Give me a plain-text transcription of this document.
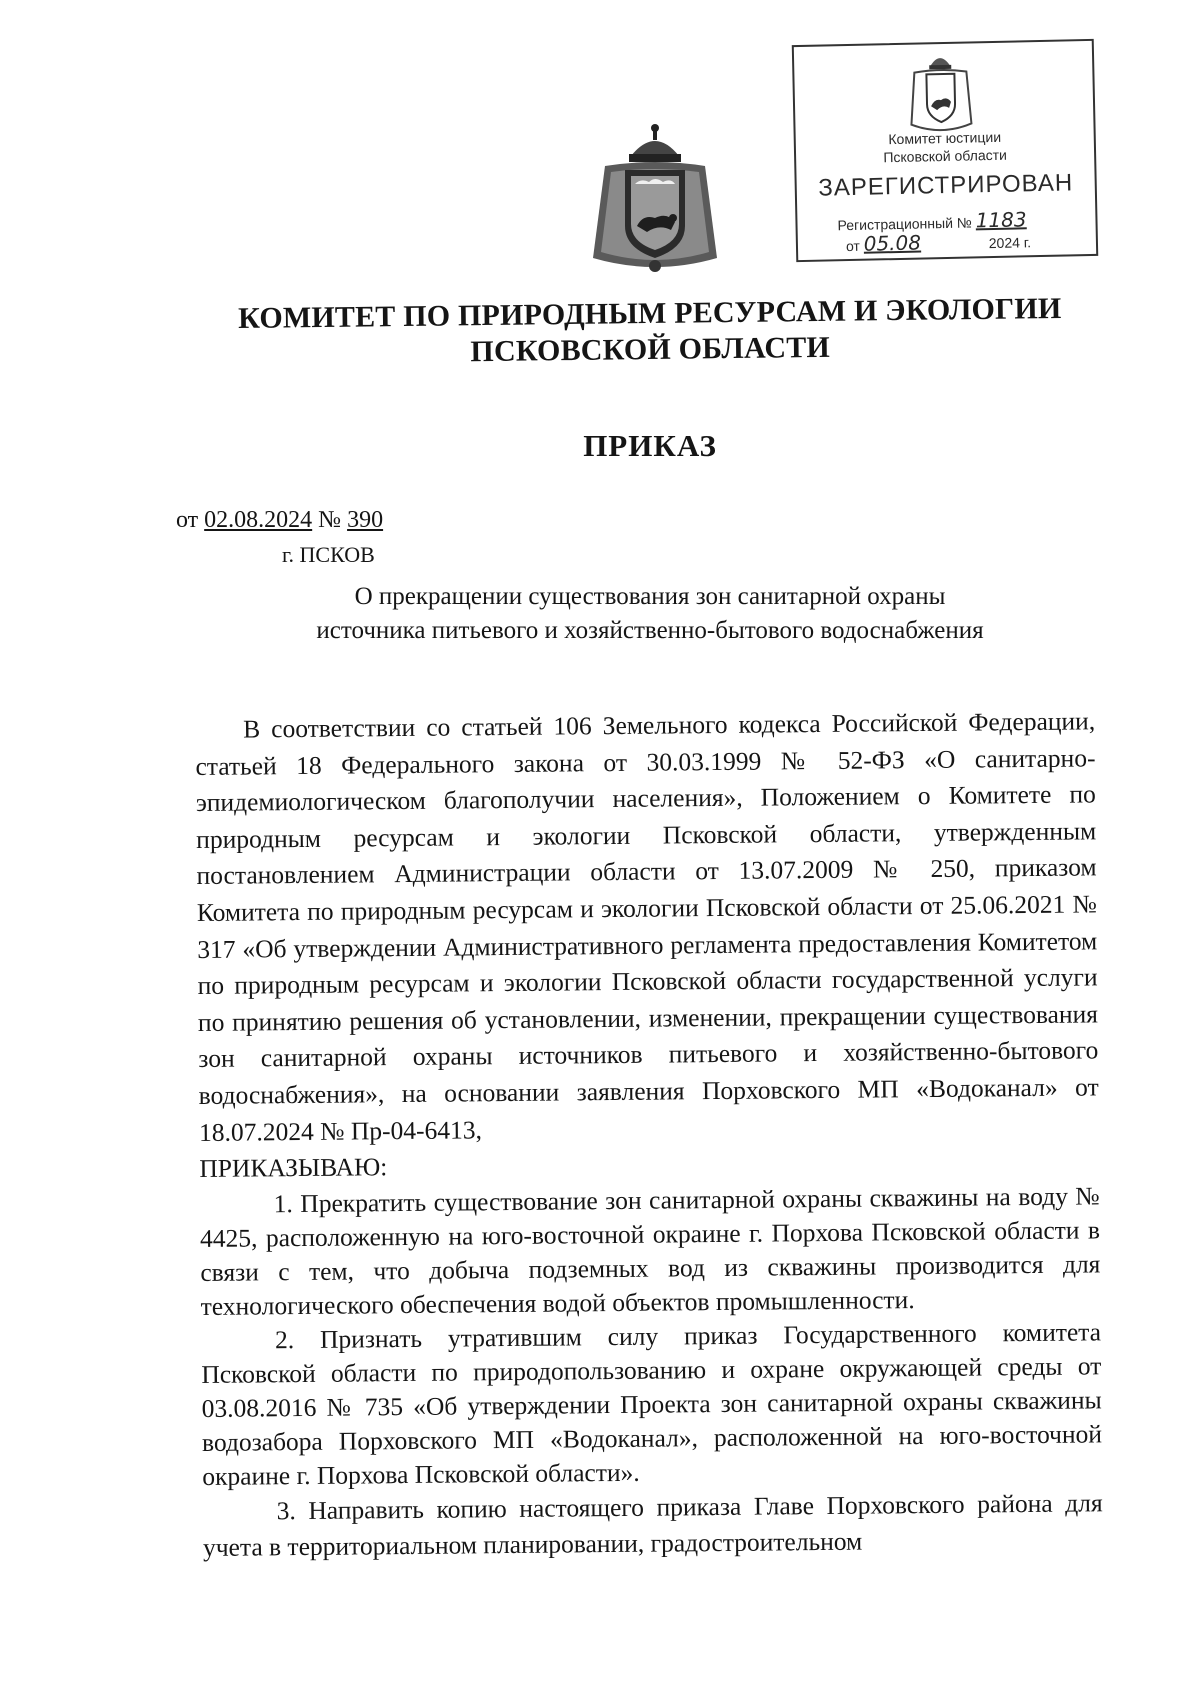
Комитет юстиции
Псковской области
ЗАРЕГИСТРИРОВАН
Регистрационный № 1183
от 05.08	2024 г.
КОМИТЕТ ПО ПРИРОДНЫМ РЕСУРСАМ И ЭКОЛОГИИ
ПСКОВСКОЙ ОБЛАСТИ
ПРИКАЗ
от 02.08.2024 № 390
г. ПСКОВ
О прекращении существования зон санитарной охраны
источника питьевого и хозяйственно-бытового водоснабжения

В соответствии со статьей 106 Земельного кодекса Российской Федерации, статьей 18 Федерального закона от 30.03.1999 № 52-ФЗ «О санитарно-эпидемиологическом благополучии населения», Положением о Комитете по природным ресурсам и экологии Псковской области, утвержденным постановлением Администрации области от 13.07.2009 № 250, приказом Комитета по природным ресурсам и экологии Псковской области от 25.06.2021 № 317 «Об утверждении Административного регламента предоставления Комитетом по природным ресурсам и экологии Псковской области государственной услуги по принятию решения об установлении, изменении, прекращении существования зон санитарной охраны источников питьевого и хозяйственно-бытового водоснабжения», на основании заявления Порховского МП «Водоканал» от 18.07.2024 № Пр-04-6413,

ПРИКАЗЫВАЮ:

1. Прекратить существование зон санитарной охраны скважины на воду № 4425, расположенную на юго-восточной окраине г. Порхова Псковской области в связи с тем, что добыча подземных вод из скважины производится для технологического обеспечения водой объектов промышленности.

2. Признать утратившим силу приказ Государственного комитета Псковской области по природопользованию и охране окружающей среды от 03.08.2016 № 735 «Об утверждении Проекта зон санитарной охраны скважины водозабора Порховского МП «Водоканал», расположенной на юго-восточной окраине г. Порхова Псковской области».

3. Направить копию настоящего приказа Главе Порховского района для учета в территориальном планировании, градостроительном
